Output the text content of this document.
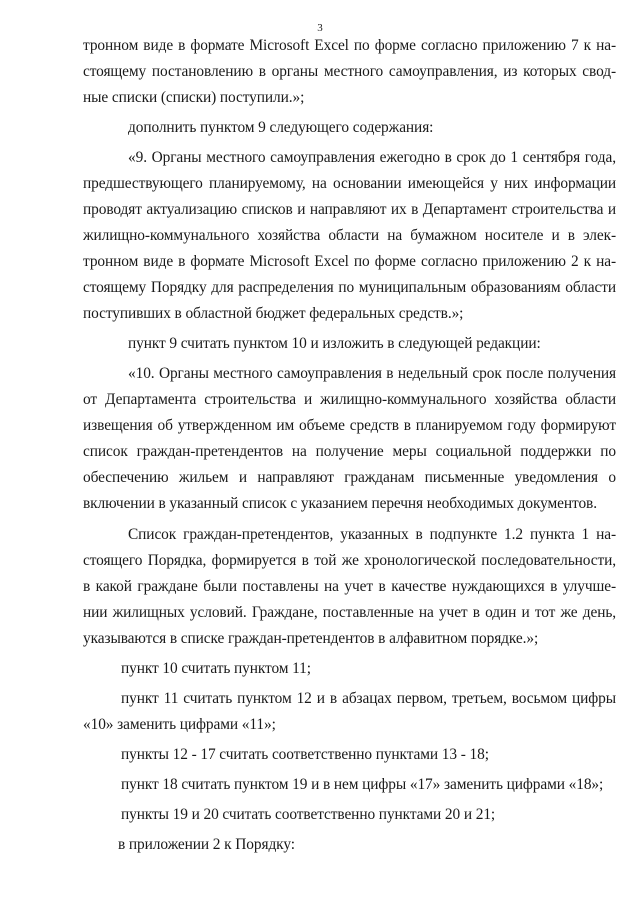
3
тронном виде в формате Microsoft Excel по форме согласно приложению 7 к на-
стоящему постановлению в органы местного самоуправления, из которых свод-
ные списки (списки) поступили.»;
дополнить пунктом 9 следующего содержания:
«9. Органы местного самоуправления ежегодно в срок до 1 сентября года,
предшествующего планируемому, на основании имеющейся у них информации
проводят актуализацию списков и направляют их в Департамент строительства и
жилищно-коммунального хозяйства области на бумажном носителе и в элек-
тронном виде в формате Microsoft Excel по форме согласно приложению 2 к на-
стоящему Порядку для распределения по муниципальным образованиям области
поступивших в областной бюджет федеральных средств.»;
пункт 9 считать пунктом 10 и изложить в следующей редакции:
«10. Органы местного самоуправления в недельный срок после получения
от Департамента строительства и жилищно-коммунального хозяйства области
извещения об утвержденном им объеме средств в планируемом году формируют
список граждан-претендентов на получение меры социальной поддержки по
обеспечению жильем и направляют гражданам письменные уведомления о
включении в указанный список с указанием перечня необходимых документов.
Список граждан-претендентов, указанных в подпункте 1.2 пункта 1 на-
стоящего Порядка, формируется в той же хронологической последовательности,
в какой граждане были поставлены на учет в качестве нуждающихся в улучше-
нии жилищных условий. Граждане, поставленные на учет в один и тот же день,
указываются в списке граждан-претендентов в алфавитном порядке.»;
пункт 10 считать пунктом 11;
пункт 11 считать пунктом 12 и в абзацах первом, третьем, восьмом цифры
«10» заменить цифрами «11»;
пункты 12 - 17 считать соответственно пунктами 13 - 18;
пункт 18 считать пунктом 19 и в нем цифры «17» заменить цифрами «18»;
пункты 19 и 20 считать соответственно пунктами 20 и 21;
в приложении 2 к Порядку:
